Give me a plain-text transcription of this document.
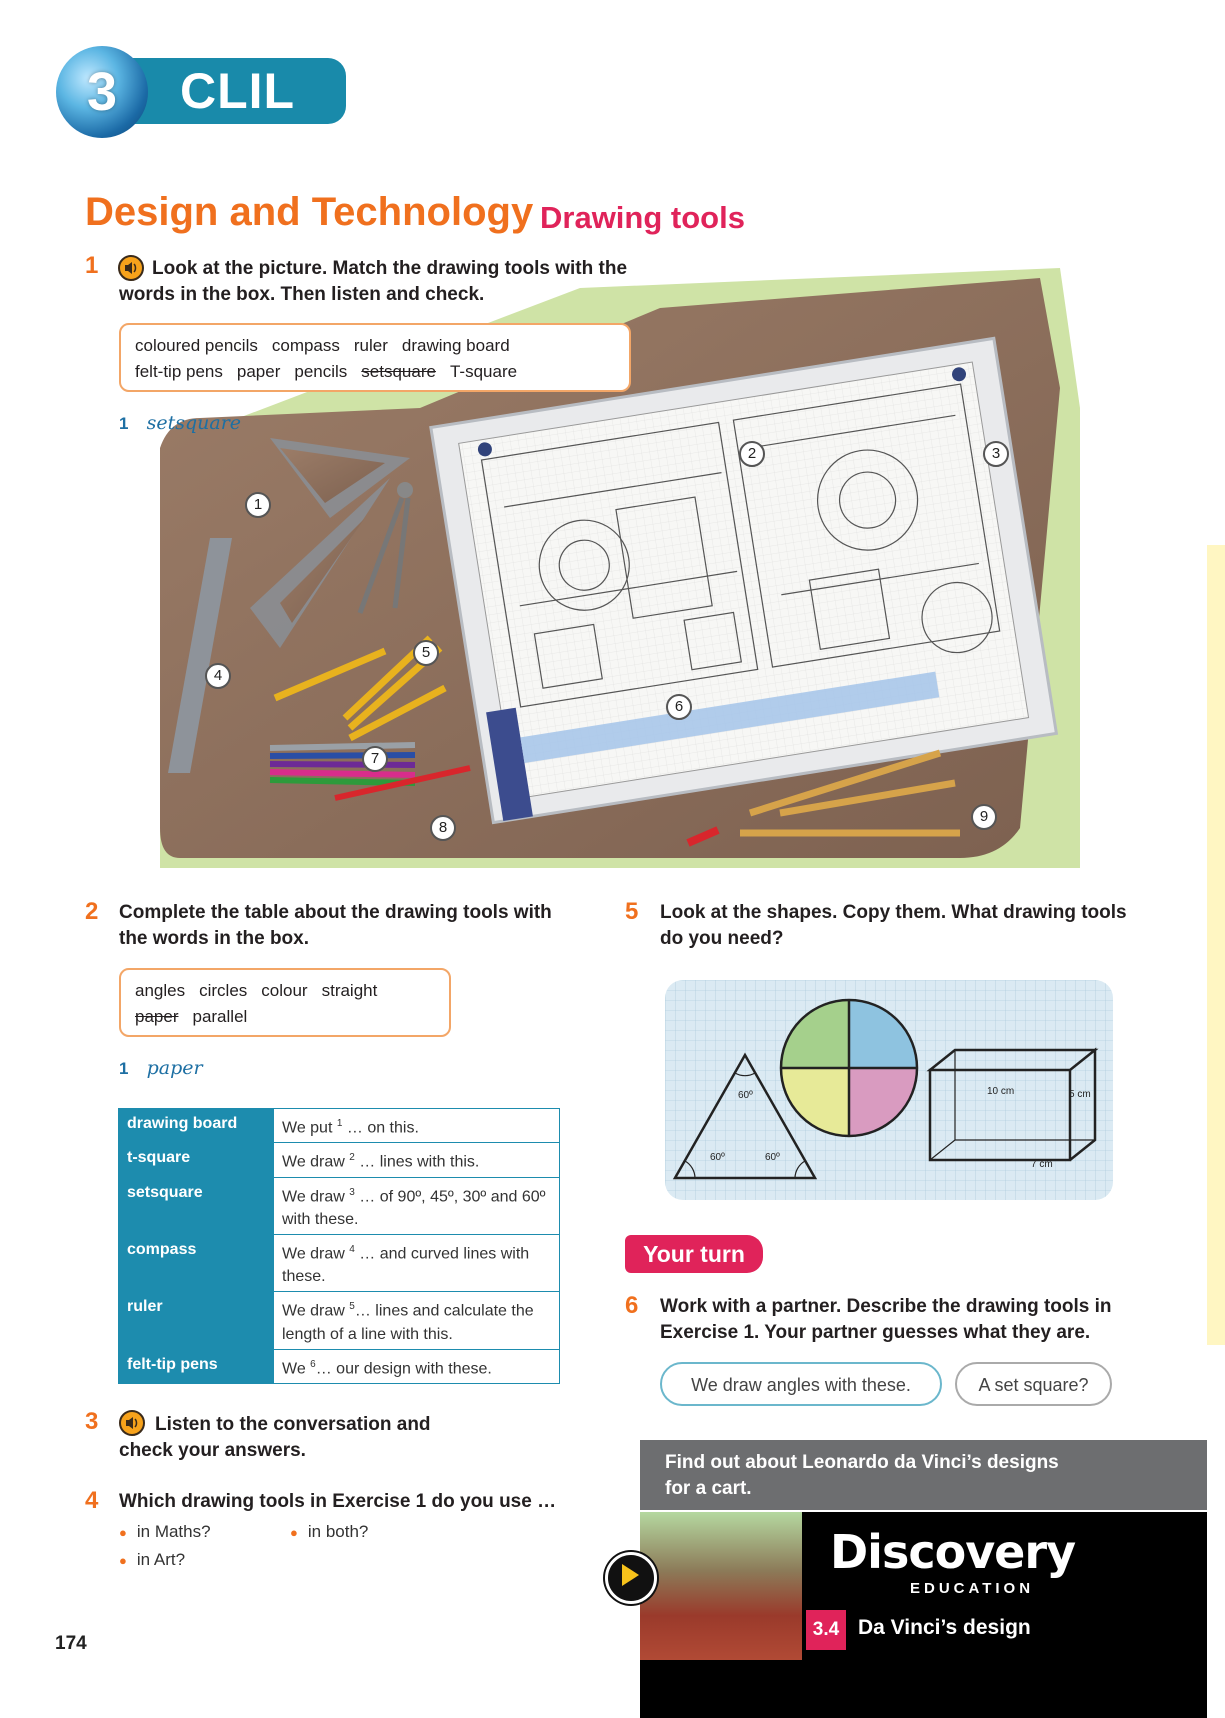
3	CLIL
Design and Technology Drawing tools
1	Look at the picture. Match the drawing tools with the
words in the box. Then listen and check.
coloured pencils compass ruler drawing board
felt-tip pens paper pencils setsquare T-square
1
2	3
4
5
6
7
8
9
1 setsquare
2 Complete the table about the drawing tools with
the words in the box.
angles circles colour straight
paper parallel
1 paper
drawing board	We put $^1$ … on this.
t-square	We draw $^2$ … lines with this.
setsquare	We draw $^3$ … of 90º, 45º, 30º and 60º with these.
compass	We draw $^4$ … and curved lines with these.
ruler	We draw $^5$… lines and calculate the length of a line with this.
felt-tip pens	We $^6$… our design with these.
3	Listen to the conversation and
check your answers.
4 Which drawing tools in Exercise 1 do you use …
● in Maths?	● in both?
● in Art?
5 Look at the shapes. Copy them. What drawing tools
do you need?
60º
60º	60º
10 cm	5 cm
7 cm
Your turn
6 Work with a partner. Describe the drawing tools in
Exercise 1. Your partner guesses what they are.
We draw angles with these.	A set square?
Find out about Leonardo da Vinci’s designs
for a cart.
Discovery
EDUCATION
3.4 Da Vinci’s design
174
